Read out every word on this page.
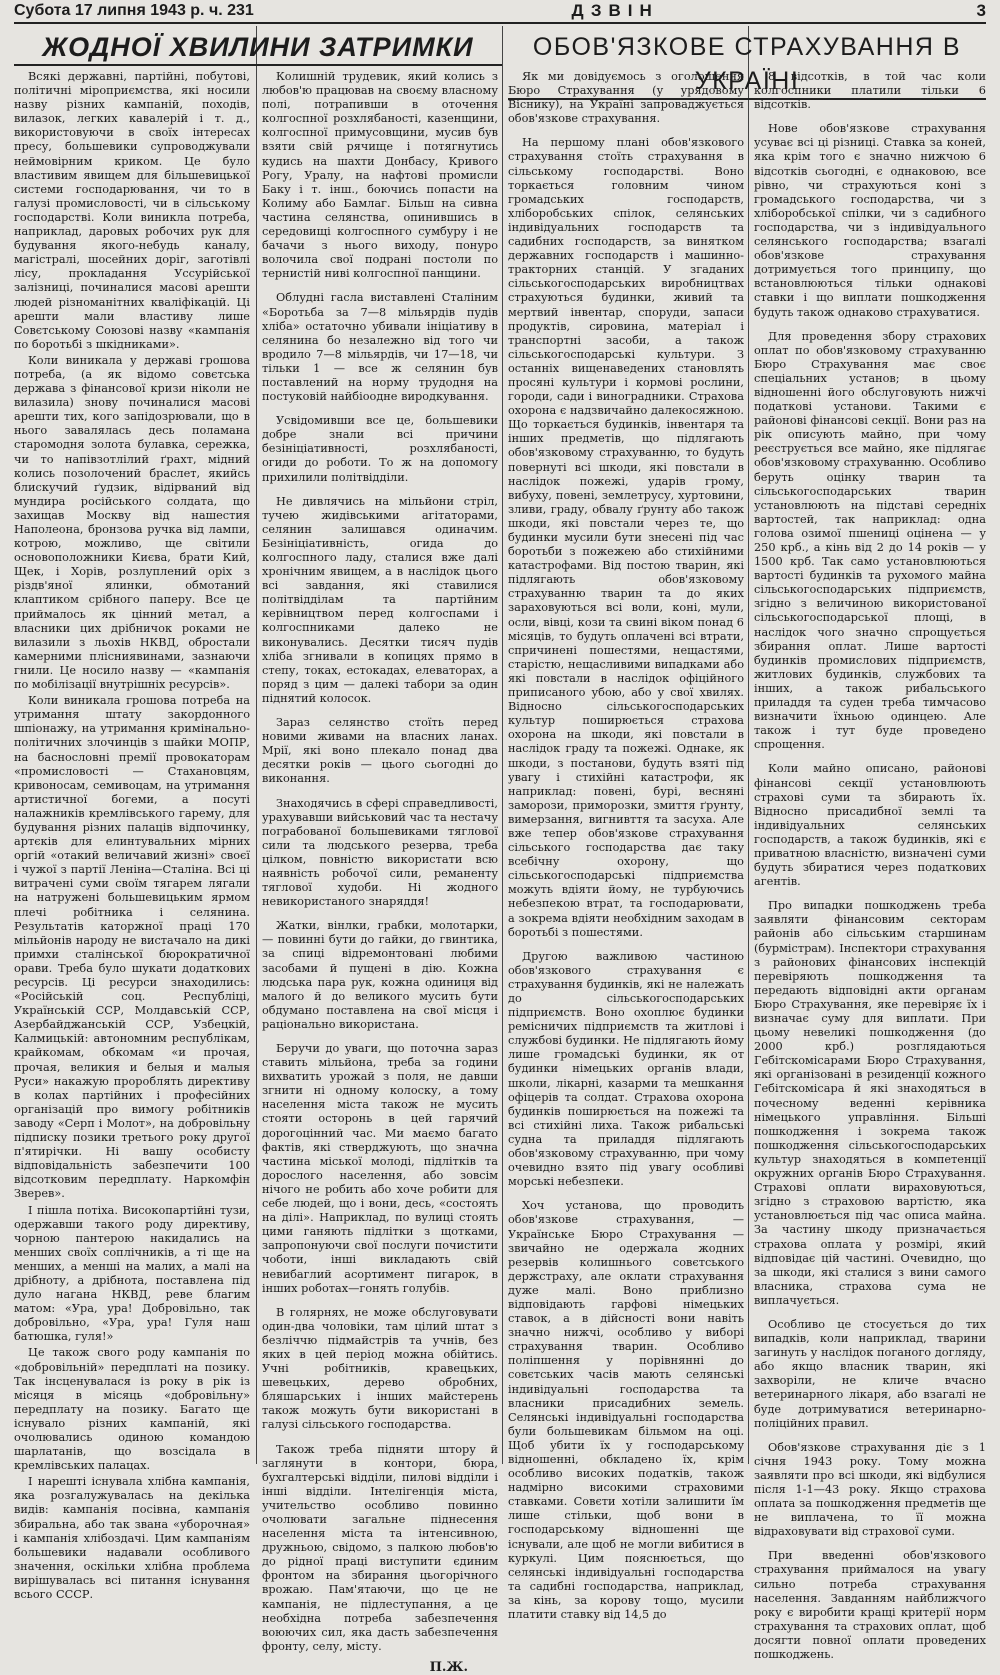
Субота 17 липня 1943 р. ч. 231	ДЗВІН	3
ЖОДНОЇ ХВИЛИНИ ЗАТРИМКИ

Всякі державні, партійні, побутові, політичні мірoприємства, які носили назву різних кампаній, походів, вилазок, легких кавалерій і т. д., використовуючи в своїх інтересах пресу, большевики супроводжували неймовірним криком. Це було властивим явищем для більшевицької системи господарювання, чи то в галузі промисловості, чи в сільському господарстві. Коли виникла потреба, наприклад, даровых робочих рук для будування якого-небудь каналу, магістралі, шосейних доріг, заготівлі лісу, прокладання Уссурійської залізниці, починалися масові арешти людей різноманітних кваліфікацій. Ці арешти мали властиву лише Совєтському Союзові назву «кампанія по боротьбі з шкідниками».

Коли виникала у державі грошова потреба, (а як відомо совєтська держава з фінансової кризи ніколи не вилазила) знову починалися масові арешти тих, кого запідозрювали, що в нього завалялась десь поламана старомодня золота булавка, сережка, чи то напівзотлілий ґрахт, мідний колись позолочений браслет, якийсь блискучий ґудзик, відірваний від мундира російського солдата, що захищав Москву від нашестия Наполеона, бронзова ручка від лампи, котрою, можливо, ще світили основоположники Києва, брати Кий, Щек, і Хорів, розлуплений оріх з різдв'яної ялинки, обмотаний клаптиком срібного паперу. Все це приймалось як цінний метал, а власники цих дрібничок роками не вилазили з льохів НКВД, обростали камерними плісниявинами, зазнаючи гнили. Це носило назву — «кампанія по мобілізації внутрішніх ресурсів».

Коли виникала грошова потреба на утримання штату закордонного шпіонажу, на утримання кримінально-політичних злочинців з шайки МОПР, на баснословні премії провокаторам «промисловості — Стахановцям, кривоносам, семивоцам, на утримання артистичної богеми, а посуті налажників кремлівського гарему, для будування різних палаців відпочинку, артєків для елинтувальних мірних оргій «отакий величавий жизні» своєї і чужої з партії Леніна—Сталіна. Всі ці витрачені суми своїм тягарем лягали на натружені большевицьким ярмом плечі робітника і селянина. Результатів каторжної праці 170 мільйонів народу не вистачало на дикі примхи сталінської бюрократичної орави. Треба було шукати додаткових ресурсів. Ці ресурси знаходились: «Російській соц. Республіці, Українській ССР, Молдавській ССР, Азербайджанській ССР, Узбецкій, Калмицькій: автономним республікам, крайкомам, обкомам «и прочая, прочая, великия и белыя и малыя Руси» накажую пророблять директиву в колах партійних і професійних організацій про вимогу робітників заводу «Серп і Молот», на добровільну підписку позики третього року другої п'ятирічки. Ні вашу особисту відповідальність забезпечити 100 відсотковим передплату. Наркомфін Зверев».

І пішла потіха. Високопартійні тузи, одержавши такого роду директиву, чорною пантерою накидались на менших своїх соплічників, а ті ще на менших, а менші на малих, а малі на дрібноту, а дрібнота, поставлена під дуло нагана НКВД, реве благим матом: «Ура, ура! Добровільно, так добровільно, «Ура, ура! Гуля наш батюшка, гуля!»

Це також свого роду кампанія по «добровільній» передплаті на позику. Так інсценувалася із року в рік із місяця в місяць «добровільну» передплату на позику. Багато ще існувало різних кампаній, які очолювались одиною командою шарлатанів, що возсідала в кремлівських палацах.

І нарешті існувала хлібна кампанія, яка розгалужувалась на декілька видів: кампанія посівна, кампанія збиральна, або так звана «уборочная» і кампанія хлібоздачі. Цим кампаніям большевики надавали особливого значення, оскільки хлібна проблема вирішувалась всі питання існування всього СССР.

Колишній трудевик, який колись з любов'ю працював на своєму власному полі, потрапивши в оточення колгоспної розхлябаності, казенщини, колгоспної примусовщини, мусив був взяти свій рячище і потягнутись кудись на шахти Донбасу, Кривого Рогу, Уралу, на нафтові промисли Баку і т. інш., боючись попасти на Колиму або Бамлаг. Більш на сивна частина селянства, опинившись в середовищі колгоспного сумбуру і не бачачи з нього виходу, понуро волочила свої подрані постоли по тернистій ниві колгоспної панщини.

Облудні гасла виставлені Сталіним «Боротьба за 7—8 мільярдів пудів хліба» остаточно убивали ініціативу в селянина бо незалежно від того чи вродило 7—8 мільярдів, чи 17—18, чи тільки 1 — все ж селянин був поставлений на норму трудодня на постуковій найбіоодне виродкування.

Усвідомивши все це, большевики добре знали всі причини безініціативності, розхлябаності, огиди до роботи. То ж на допомогу прихилили політвідділи.

Не дивлячись на мільйони стріл, тучею жидівськими агітаторами, селянин залишався одиначим. Безініціативність, огида до колгоспного ладу, сталися вже далі хронічним явищем, а в наслідок цього всі завдання, які ставилися політвідділам та партійним керівництвом перед колгоспами і колгоспниками далеко не виконувались. Десятки тисяч пудів хліба згнивали в копицях прямо в степу, токах, естокадах, елеваторах, а поряд з цим — далекі табори за один піднятий колосок.

Зараз селянство стоїть перед новими живами на власних ланах. Мрії, які воно плекало понад два десятки років — цього сьогодні до виконання.

Знаходячись в сфері справедливості, урахувавши вийськовий час та нестачу пограбованої большевиками тяглової сили та людського резерва, треба цілком, повністю використати всю наявність робочої сили, реманенту тяглової худоби. Ні жодного невикористаного знаряддя!

Жатки, вінлки, грабки, молотарки, — повинні бути до гайки, до гвинтика, за спиці відремонтовані любими засобами й пущені в дію. Кожна людська пара рук, кожна одиниця від малого й до великого мусить бути обдумано поставлена на свої місця і раціонально використана.

Беручи до уваги, що поточна зараз ставить мільйона, треба за години вихватить урожай з поля, не давши згнити ні одному колоску, а тому населення міста також не мусить стояти осторонь в цей гарячий дорогоцінний час. Ми маємо багато фактів, які стверджують, що значна частина міської молоді, підлітків та дорослого населення, або зовсім нічого не робить або хоче робити для себе людей, що і вони, десь, «состоять на ділі». Наприклад, по вулиці стоять цими ганяють підлітки з щотками, запропонуючи свої послуги почистити чоботи, інші викладають свій невибаглий асортимент пигарок, в інших роботах—гонять голубів.

В голярнях, не може обслуговувати один-два чоловіки, там цілий штат з безліччю підмайстрів та учнів, без яких в цей період можна обійтись. Учні робітників, кравецьких, шевецьких, дерево обробних, бляшарських і інших майстерень також можуть бути використані в галузі сільського господарства.

Також треба підняти штору й заглянути в контори, бюра, бухгалтерські відділи, пилові відділи і інші відділи. Інтелігенція міста, учительство особливо повинно очолювати загальне піднесення населення міста та інтенсивною, дружньою, свідомо, з палкою любов'ю до рідної праці виступити єдиним фронтом на збирання цьогорічного врожаю. Пам'ятаючи, що це не кампанія, не підлеступання, а це необхідна потреба забезпечення воюючих сил, яка дасть забезпечення фронту, селу, місту.

П.Ж.
ОБОВ'ЯЗКОВЕ СТРАХУВАННЯ В УКРАЇНІ

Як ми довідуємось з оголошення Бюро Страхування (у урядовому Віснику), на Україні запроваджується обов'язкове страхування.

На першому плані обов'язкового страхування стоїть страхування в сільському господарстві. Воно торкається головним чином громадських господарств, хліборобських спілок, селянських індивідуальних господарств та садибних господарств, за винятком державних господарств і машинно-тракторних станцій. У згаданих сільськогосподарських виробництвах страхуються будинки, живий та мертвий інвентар, споруди, запаси продуктів, сировина, матеріал і транспортні засоби, а також сільськогосподарські культури. З останніх вищенаведених становлять просяні культури і кормові рослини, городи, сади і виноградники. Страхова охорона є надзвичайно далекосяжною. Що торкається будинків, інвентаря та інших предметів, що підлягають обов'язковому страхуванню, то будуть повернуті всі шкоди, які повстали в наслідок пожежі, ударів грому, вибуху, повені, землетрусу, хуртовини, зливи, граду, обвалу ґрунту або також шкоди, які повстали через те, що будинки мусили бути знесені під час боротьби з пожежею або стихійними катастрофами. Від постою тварин, які підлягають обов'язковому страхуванню тварин та до яких зараховуються всі воли, коні, мули, осли, вівці, кози та свині віком понад 6 місяців, то будуть оплачені всі втрати, спричинені пошестями, нещастями, старістю, нещасливими випадками або які повстали в наслідок офіційного приписаного убою, або у свої хвилях. Відносно сільськогосподарських культур поширюється страхова охорона на шкоди, які повстали в наслідок граду та пожежі. Однаке, як шкоди, з постанови, будуть взяті під увагу і стихійні катастрофи, як наприклад: повені, бурі, весняні заморози, приморозки, змиття ґрунту, вимерзання, вигнивття та засуха. Але вже тепер обов'язкове страхування сільського господарства дає таку всебічну охорону, що сільськогосподарські підприємства можуть вдіяти йому, не турбуючись небезпекою втрат, та господарювати, а зокрема вдіяти необхідним заходам в боротьбі з пошестями.

Другою важливою частиною обов'язкового страхування є страхування будинків, які не належать до сільськогосподарських підприємств. Воно охоплює будинки ремісничих підприємств та житлові і службові будинки. Не підлягають йому лише громадські будинки, як от будинки німецьких органів влади, школи, лікарні, казарми та мешкання офіцерів та солдат. Страхова охорона будинків поширюється на пожежі та всі стихійні лиха. Також рибальські судна та приладдя підлягають обов'язковому страхуванню, при чому очевидно взято під увагу особливі морські небезпеки.

Хоч установа, що проводить обов'язкове страхування, — Українське Бюро Страхування — звичайно не одержала жодних резервів колишнього совєтського держстраху, але оклати страхування дуже малі. Воно приблизно відповідають гарфові німецьких ставок, а в дійсності вони навіть значно нижчі, особливо у виборі страхування тварин. Особливо поліпшення у порівнянні до совєтських часів мають селянські індивідуальні господарства та власники присадибних земель. Селянські індивідуальні господарства були большевикам більмом на оці. Щоб убити їх у господарському відношенні, обкладено їх, крім особливо високих податків, також надмірно високими страховими ставками. Совєти хотіли залишити їм лише стільки, щоб вони в господарському відношенні ще існували, але щоб не могли вибитися в куркулі. Цим пояснюється, що селянські індивідуальні господарства та садибні господарства, наприклад, за кінь, за корову тощо, мусили платити ставку від 14,5 до

8 відсотків, в той час коли колгоспники платили тільки 6 відсотків.

Нове обов'язкове страхування усуває всі ці різниці. Ставка за коней, яка крім того є значно нижчою 6 відсотків сьогодні, є однаковою, все рівно, чи страхуються коні з громадського господарства, чи з хліборобської спілки, чи з садибного господарства, чи з індивідуального селянського господарства; взагалі обов'язкове страхування дотримується того принципу, що встановлюються тільки однакові ставки і що виплати пошкодження будуть також однаково страхуватися.

Для проведення збору страхових оплат по обов'язковому страхуванню Бюро Страхування має своє спеціальних установ; в цьому відношенні його обслуговують нижчі податкові установи. Такими є районові фінансові секції. Вони раз на рік описують майно, при чому реєструється все майно, яке підлягає обов'язковому страхуванню. Особливо беруть оцінку тварин та сільськогосподарських тварин установлюють на підставі середніх вартостей, так наприклад: одна голова озимої пшениці оцінена — у 250 крб., а кінь від 2 до 14 років — у 1500 крб. Так само установлюються вартості будинків та рухомого майна сільськогосподарських підприємств, згідно з величиною використованої сільськогосподарської площі, в наслідок чого значно спрощується збирання оплат. Лише вартості будинків промислових підприємств, житлових будинків, службових та інших, а також рибальського приладдя та суден треба тимчасово визначити їхньою одинцею. Але також і тут буде проведено спрощення.

Коли майно описано, районові фінансові секції установлюють страхові суми та збирають їх. Відносно присадибної землі та індивідуальних селянських господарств, а також будинків, які є приватною власністю, визначені суми будуть збиратися через податкових агентів.

Про випадки пошкоджень треба заявляти фінансовим секторам районів або сільським старшинам (бурмістрам). Інспектори страхування з районових фінансових інспекцій перевіряють пошкодження та передають відповідні акти органам Бюро Страхування, яке перевіряє їх і визначає суму для виплати. При цьому невеликі пошкодження (до 2000 крб.) розглядаються Гебітскомісарами Бюро Страхування, які організовані в резиденції кожного Гебітскомісара й які знаходяться в почесному веденні керівника німецького управління. Більші пошкодження і зокрема також пошкодження сільськогосподарських культур знаходяться в компетенції окружних органів Бюро Страхування. Страхові оплати вираховуються, згідно з страховою вартістю, яка установлюється під час описа майна. За частину шкоду призначається страхова оплата у розмірі, який відповідає цій частині. Очевидно, що за шкоди, які сталися з вини самого власника, страхова сума не виплачується.

Особливо це стосується до тих випадків, коли наприклад, тварини загинуть у наслідок поганого догляду, або якщо власник тварин, які захворіли, не кличе вчасно ветеринарного лікаря, або взагалі не буде дотримуватися ветеринарно-поліційних правил.

Обов'язкове страхування діє з 1 січня 1943 року. Тому можна заявляти про всі шкоди, які відбулися після 1-1—43 року. Якщо страхова оплата за пошкодження предметів ще не виплачена, то її можна відраховувати від страхової суми.

При введенні обов'язкового страхування приймалося на увагу сильно потреба страхування населення. Завданням найближчого року є виробити кращі критерії норм страхування та страхових оплат, щоб досягти повної оплати проведених пошкоджень.
